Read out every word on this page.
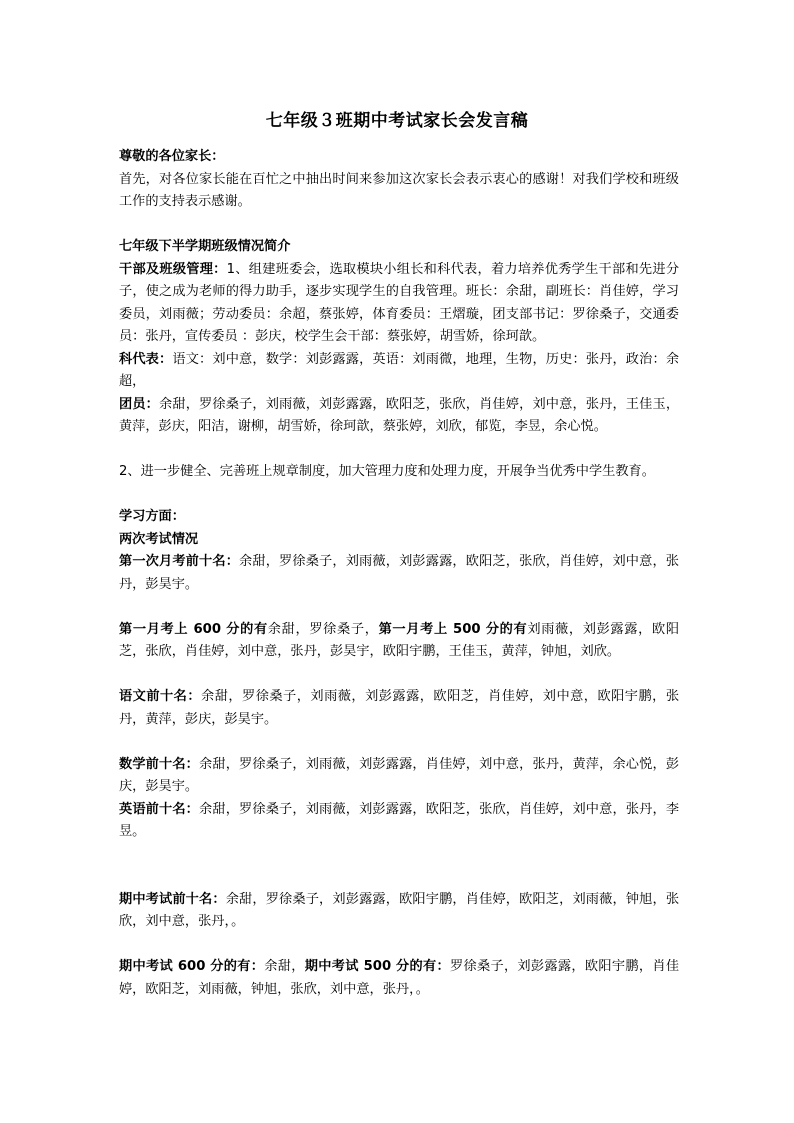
七年级３班期中考试家长会发言稿

尊敬的各位家长：

首先，对各位家长能在百忙之中抽出时间来参加这次家长会表示衷心的感谢！对我们学校和班级工作的支持表示感谢。

七年级下半学期班级情况简介

干部及班级管理：1、组建班委会，选取模块小组长和科代表，着力培养优秀学生干部和先进分子，使之成为老师的得力助手，逐步实现学生的自我管理。班长：余甜，副班长：肖佳婷，学习委员，刘雨薇；劳动委员：余超，蔡张婷，体育委员：王熠璇，团支部书记：罗徐桑子，交通委员：张丹，宣传委员 ：彭庆，校学生会干部：蔡张婷，胡雪娇，徐珂歆。

科代表：语文：刘中意，数学：刘彭露露，英语：刘雨微，地理，生物，历史：张丹，政治：余超，

团员：余甜，罗徐桑子，刘雨薇，刘彭露露，欧阳芝，张欣，肖佳婷，刘中意，张丹，王佳玉，黄萍，彭庆，阳洁，谢柳，胡雪娇，徐珂歆，蔡张婷，刘欣，郁览，李昱，余心悦。

2、进一步健全、完善班上规章制度，加大管理力度和处理力度，开展争当优秀中学生教育。

学习方面：

两次考试情况

第一次月考前十名：余甜，罗徐桑子，刘雨薇，刘彭露露，欧阳芝，张欣，肖佳婷，刘中意，张丹，彭昊宇。

第一月考上 600 分的有余甜，罗徐桑子，第一月考上 500 分的有刘雨薇，刘彭露露，欧阳芝，张欣，肖佳婷，刘中意，张丹，彭昊宇，欧阳宇鹏，王佳玉，黄萍，钟旭，刘欣。

语文前十名：余甜，罗徐桑子，刘雨薇，刘彭露露，欧阳芝，肖佳婷，刘中意，欧阳宇鹏，张丹，黄萍，彭庆，彭昊宇。

数学前十名：余甜，罗徐桑子，刘雨薇，刘彭露露，肖佳婷，刘中意，张丹，黄萍，余心悦，彭庆，彭昊宇。

英语前十名：余甜，罗徐桑子，刘雨薇，刘彭露露，欧阳芝，张欣，肖佳婷，刘中意，张丹，李昱。

期中考试前十名：余甜，罗徐桑子，刘彭露露，欧阳宇鹏，肖佳婷，欧阳芝，刘雨薇，钟旭，张欣，刘中意，张丹，。

期中考试 600 分的有：余甜，期中考试 500 分的有：罗徐桑子，刘彭露露，欧阳宇鹏，肖佳婷，欧阳芝，刘雨薇，钟旭，张欣，刘中意，张丹，。
